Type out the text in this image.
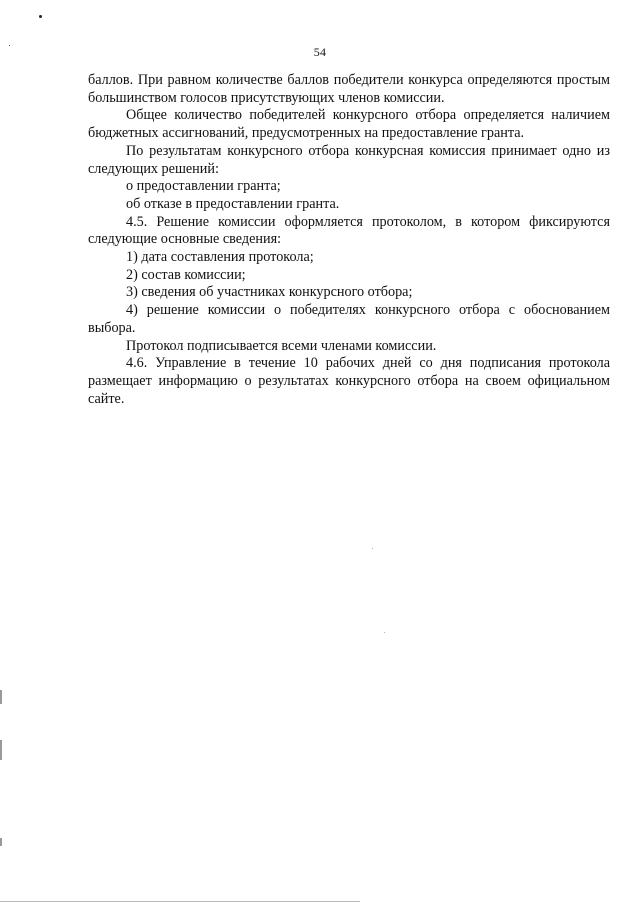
54

баллов. При равном количестве баллов победители конкурса определяются простым большинством голосов присутствующих членов комиссии.

Общее количество победителей конкурсного отбора определяется наличием бюджетных ассигнований, предусмотренных на предоставление гранта.

По результатам конкурсного отбора конкурсная комиссия принимает одно из следующих решений:

о предоставлении гранта;

об отказе в предоставлении гранта.

4.5. Решение комиссии оформляется протоколом, в котором фиксируются следующие основные сведения:

1) дата составления протокола;

2) состав комиссии;

3) сведения об участниках конкурсного отбора;

4) решение комиссии о победителях конкурсного отбора с обоснованием выбора.

Протокол подписывается всеми членами комиссии.

4.6. Управление в течение 10 рабочих дней со дня подписания протокола размещает информацию о результатах конкурсного отбора на своем официальном сайте.
